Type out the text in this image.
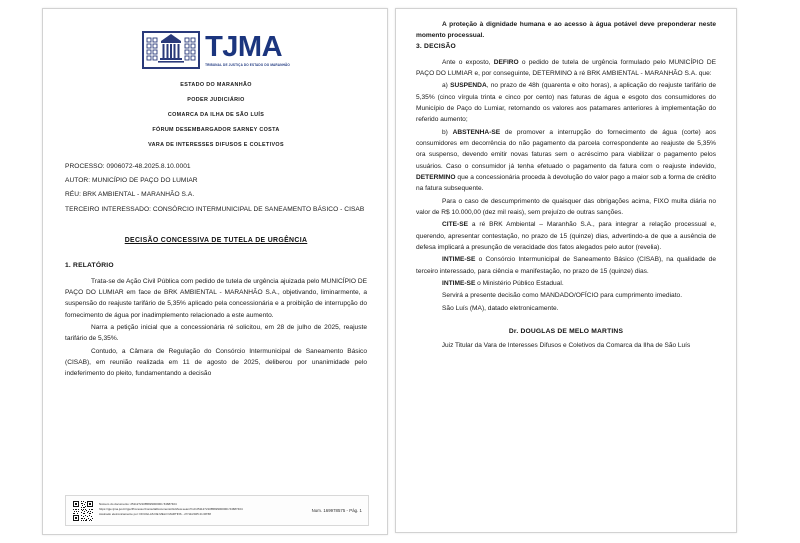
TJMA
TRIBUNAL DE JUSTIÇA DO ESTADO DO MARANHÃO

ESTADO DO MARANHÃO

PODER JUDICIÁRIO

COMARCA DA ILHA DE SÃO LUÍS

FÓRUM DESEMBARGADOR SARNEY COSTA

VARA DE INTERESSES DIFUSOS E COLETIVOS

PROCESSO: 0906072-48.2025.8.10.0001

AUTOR: MUNICÍPIO DE PAÇO DO LUMIAR

RÉU: BRK AMBIENTAL - MARANHÃO S.A.

TERCEIRO INTERESSADO: CONSÓRCIO INTERMUNICIPAL DE SANEAMENTO BÁSICO - CISAB

DECISÃO CONCESSIVA DE TUTELA DE URGÊNCIA
1. RELATÓRIO

Trata-se de Ação Civil Pública com pedido de tutela de urgência ajuizada pelo MUNICÍPIO DE PAÇO DO LUMIAR em face de BRK AMBIENTAL - MARANHÃO S.A., objetivando, liminarmente, a suspensão do reajuste tarifário de 5,35% aplicado pela concessionária e a proibição de interrupção do fornecimento de água por inadimplemento relacionado a este aumento.

Narra a petição inicial que a concessionária ré solicitou, em 28 de julho de 2025, reajuste tarifário de 5,35%.

Contudo, a Câmara de Regulação do Consórcio Intermunicipal de Saneamento Básico (CISAB), em reunião realizada em 11 de agosto de 2025, deliberou por unanimidade pelo indeferimento do pleito, fundamentando a decisão

Número do documento: 25112721085829000001 54687404

https://pje.tjma.jus.br/pje/Processo/ConsultaDocumento/listView.seam?nd=25112721085829000001 54687404

Assinado eletronicamente por: DOUGLAS DE MELO MARTINS - 27/11/2025 21:08:58

Num. 169978575 - Pág. 1

A proteção à dignidade humana e ao acesso à água potável deve preponderar neste momento processual.

3. DECISÃO

Ante o exposto, DEFIRO o pedido de tutela de urgência formulado pelo MUNICÍPIO DE PAÇO DO LUMIAR e, por conseguinte, DETERMINO à ré BRK AMBIENTAL - MARANHÃO S.A. que:

a) SUSPENDA, no prazo de 48h (quarenta e oito horas), a aplicação do reajuste tarifário de 5,35% (cinco vírgula trinta e cinco por cento) nas faturas de água e esgoto dos consumidores do Município de Paço do Lumiar, retornando os valores aos patamares anteriores à implementação do referido aumento;

b) ABSTENHA-SE de promover a interrupção do fornecimento de água (corte) aos consumidores em decorrência do não pagamento da parcela correspondente ao reajuste de 5,35% ora suspenso, devendo emitir novas faturas sem o acréscimo para viabilizar o pagamento pelos usuários. Caso o consumidor já tenha efetuado o pagamento da fatura com o reajuste indevido, DETERMINO que a concessionária proceda à devolução do valor pago a maior sob a forma de crédito na fatura subsequente.

Para o caso de descumprimento de quaisquer das obrigações acima, FIXO multa diária no valor de R$ 10.000,00 (dez mil reais), sem prejuízo de outras sanções.

CITE-SE a ré BRK Ambiental – Maranhão S.A., para integrar a relação processual e, querendo, apresentar contestação, no prazo de 15 (quinze) dias, advertindo-a de que a ausência de defesa implicará a presunção de veracidade dos fatos alegados pelo autor (revelia).

INTIME-SE o Consórcio Intermunicipal de Saneamento Básico (CISAB), na qualidade de terceiro interessado, para ciência e manifestação, no prazo de 15 (quinze) dias.

INTIME-SE o Ministério Público Estadual.

Servirá a presente decisão como MANDADO/OFÍCIO para cumprimento imediato.

São Luís (MA), datado eletronicamente.

Dr. DOUGLAS DE MELO MARTINS

Juiz Titular da Vara de Interesses Difusos e Coletivos da Comarca da Ilha de São Luís
